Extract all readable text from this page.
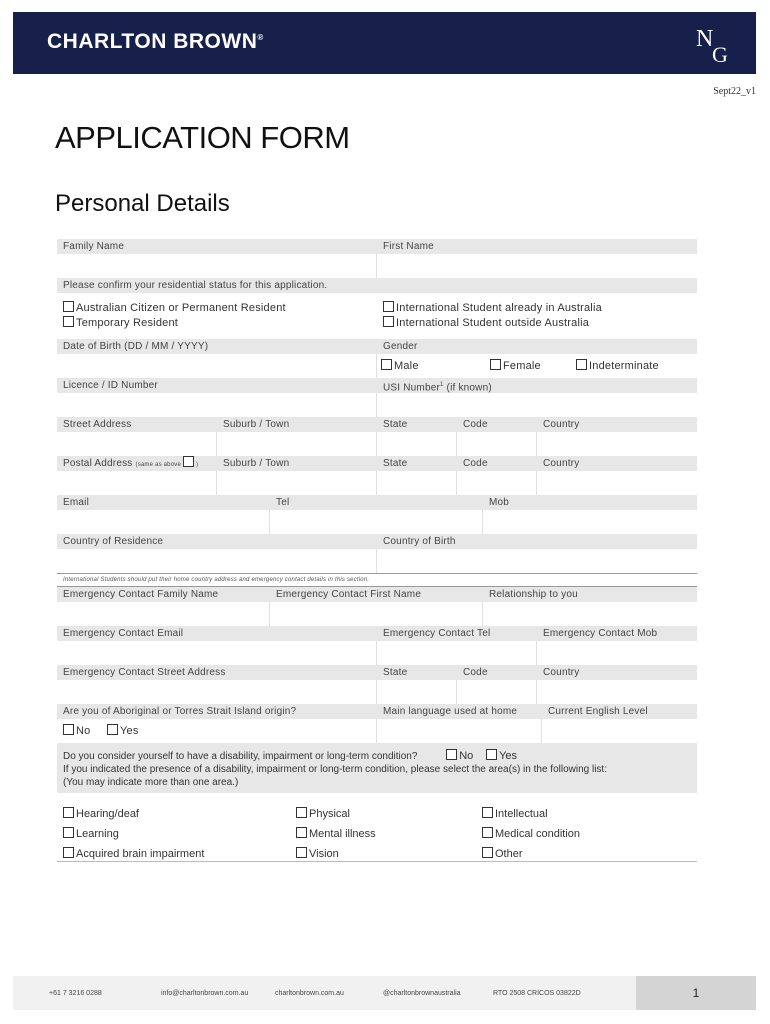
CHARLTON BROWN®	N
G
Sept22_v1
APPLICATION FORM
Personal Details
Family Name	First Name
Please confirm your residential status for this application.
Australian Citizen or Permanent Resident
Temporary Resident
International Student already in Australia
International Student outside Australia
Date of Birth (DD / MM / YYYY)	Gender
Male	Female	Indeterminate
Licence / ID Number	USI Number$^1$ (if known)
Street Address	Suburb / Town	State	Code	Country
Postal Address (same as above	)	Suburb / Town	State	Code	Country
Email	Tel	Mob
Country of Residence	Country of Birth
International Students should put their home country address and emergency contact details in this section.
Emergency Contact Family Name	Emergency Contact First Name	Relationship to you
Emergency Contact Email	Emergency Contact Tel	Emergency Contact Mob
Emergency Contact Street Address	State	Code	Country
Are you of Aboriginal or Torres Strait Island origin?	Main language used at home	Current English Level
No	Yes
Do you consider yourself to have a disability, impairment or long-term condition?	No Yes
If you indicated the presence of a disability, impairment or long-term condition, please select the area(s) in the following list:
(You may indicate more than one area.)
Hearing/deaf	Physical	Intellectual
Learning	Mental illness	Medical condition
Acquired brain impairment	Vision	Other
+61 7 3216 0288	info@charltonbrown.com.au	charltonbrown.com.au	@charltonbrownaustralia	RTO 2508 CRICOS 03822D	1
